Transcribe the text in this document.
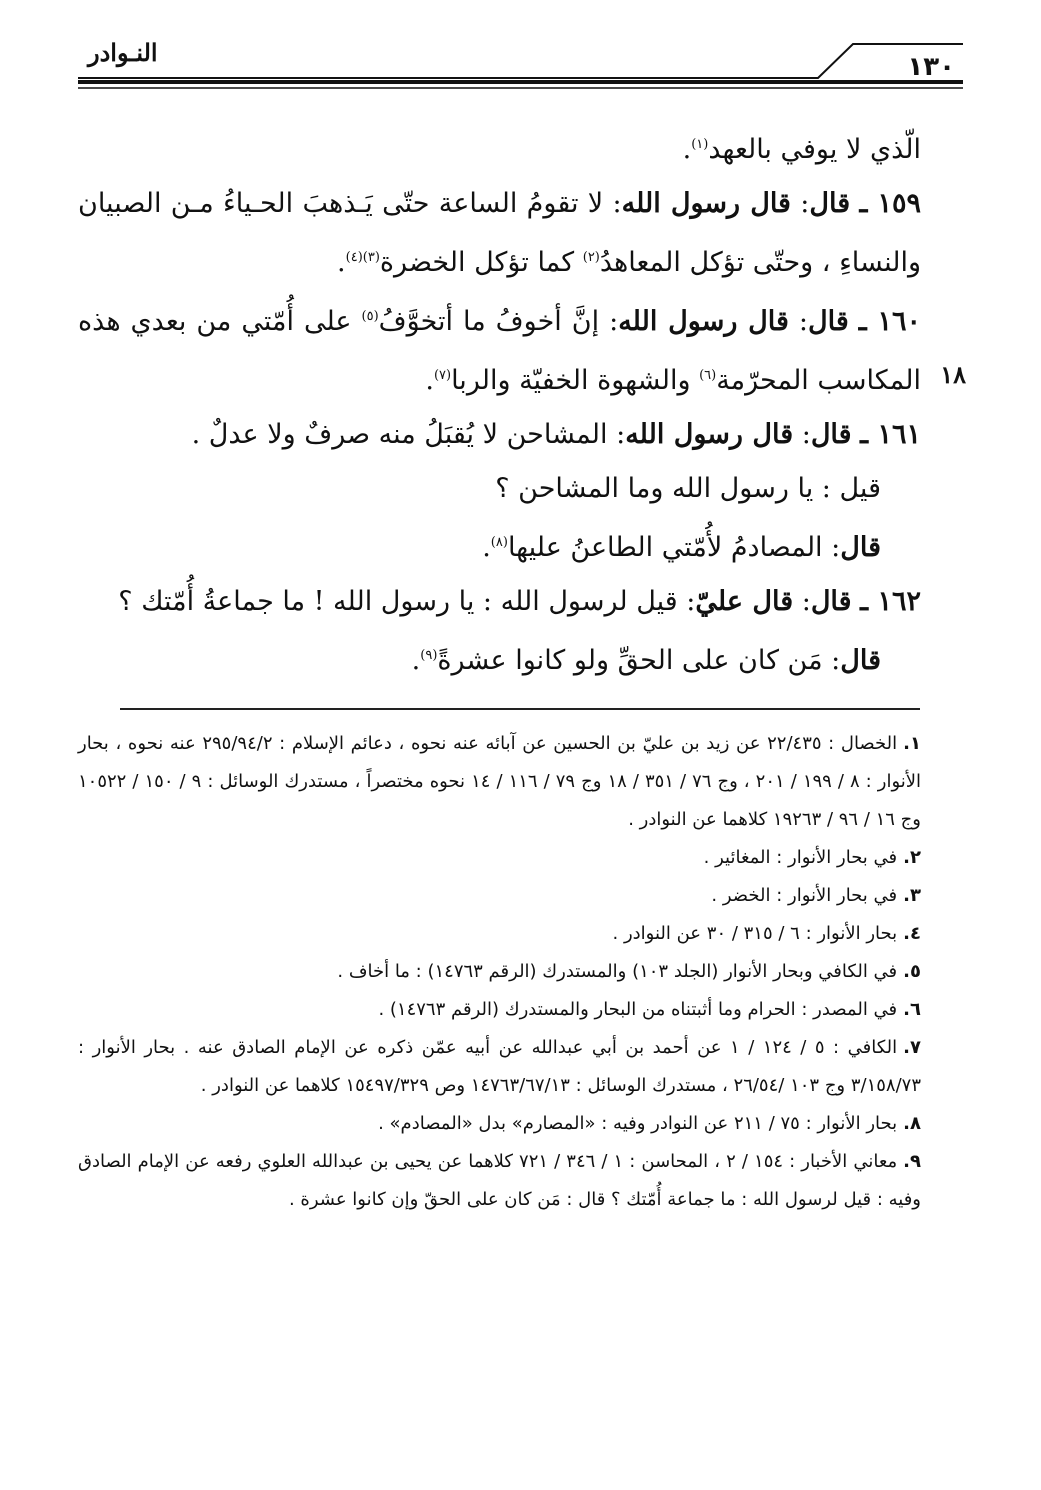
١٣٠
النـوادر

الّذي لا يوفي بالعهد$^{(١)}$.

١٥٩ ـ قال: قال رسول الله: لا تقومُ الساعة حتّى يَـذهبَ الحـياءُ مـن الصبيان والنساءِ ، وحتّى تؤكل المعاهدُ$^{(٢)}$ كما تؤكل الخضرة$^{(٣)(٤)}$.

١٦٠ ـ قال: قال رسول الله: إنَّ أخوفُ ما أتخوَّفُ$^{(٥)}$ على أُمّتي من بعدي هذه المكاسب المحرّمة$^{(٦)}$ والشهوة الخفيّة والربا$^{(٧)}$.	١٨

١٦١ ـ قال: قال رسول الله: المشاحن لا يُقبَلُ منه صرفٌ ولا عدلٌ .

قيل : يا رسول الله وما المشاحن ؟

قال: المصادمُ لأُمّتي الطاعنُ عليها$^{(٨)}$.

١٦٢ ـ قال: قال عليّ: قيل لرسول الله : يا رسول الله ! ما جماعةُ أُمّتك ؟

قال: مَن كان على الحقِّ ولو كانوا عشرةً$^{(٩)}$.

١.الخصال : ٢٢/٤٣٥ عن زيد بن عليّ بن الحسين عن آبائه عنه نحوه ، دعائم الإسلام : ٢٩٥/٩٤/٢ عنه نحوه ، بحار الأنوار : ٨ / ١٩٩ / ٢٠١ ، وج ٧٦ / ٣٥١ / ١٨ وج ٧٩ / ١١٦ / ١٤ نحوه مختصراً ، مستدرك الوسائل : ٩ / ١٥٠ / ١٠٥٢٢ وج ١٦ / ٩٦ / ١٩٢٦٣ كلاهما عن النوادر .

٢.في بحار الأنوار : المغائير .

٣.في بحار الأنوار : الخضر .

٤.بحار الأنوار : ٦ / ٣١٥ / ٣٠ عن النوادر .

٥.في الكافي وبحار الأنوار (الجلد ١٠٣) والمستدرك (الرقم ١٤٧٦٣) : ما أخاف .

٦.في المصدر : الحرام وما أثبتناه من البحار والمستدرك (الرقم ١٤٧٦٣) .

٧.الكافي : ٥ / ١٢٤ / ١ عن أحمد بن أبي عبدالله عن أبيه عمّن ذكره عن الإمام الصادق عنه . بحار الأنوار : ٣/١٥٨/٧٣ وج ١٠٣ /٢٦/٥٤ ، مستدرك الوسائل : ١٤٧٦٣/٦٧/١٣ وص ١٥٤٩٧/٣٢٩ كلاهما عن النوادر .

٨.بحار الأنوار : ٧٥ / ٢١١ عن النوادر وفيه : «المصارم» بدل «المصادم» .

٩.معاني الأخبار : ١٥٤ / ٢ ، المحاسن : ١ / ٣٤٦ / ٧٢١ كلاهما عن يحيى بن عبدالله العلوي رفعه عن الإمام الصادق وفيه : قيل لرسول الله : ما جماعة أُمّتك ؟ قال : مَن كان على الحقّ وإن كانوا عشرة .
